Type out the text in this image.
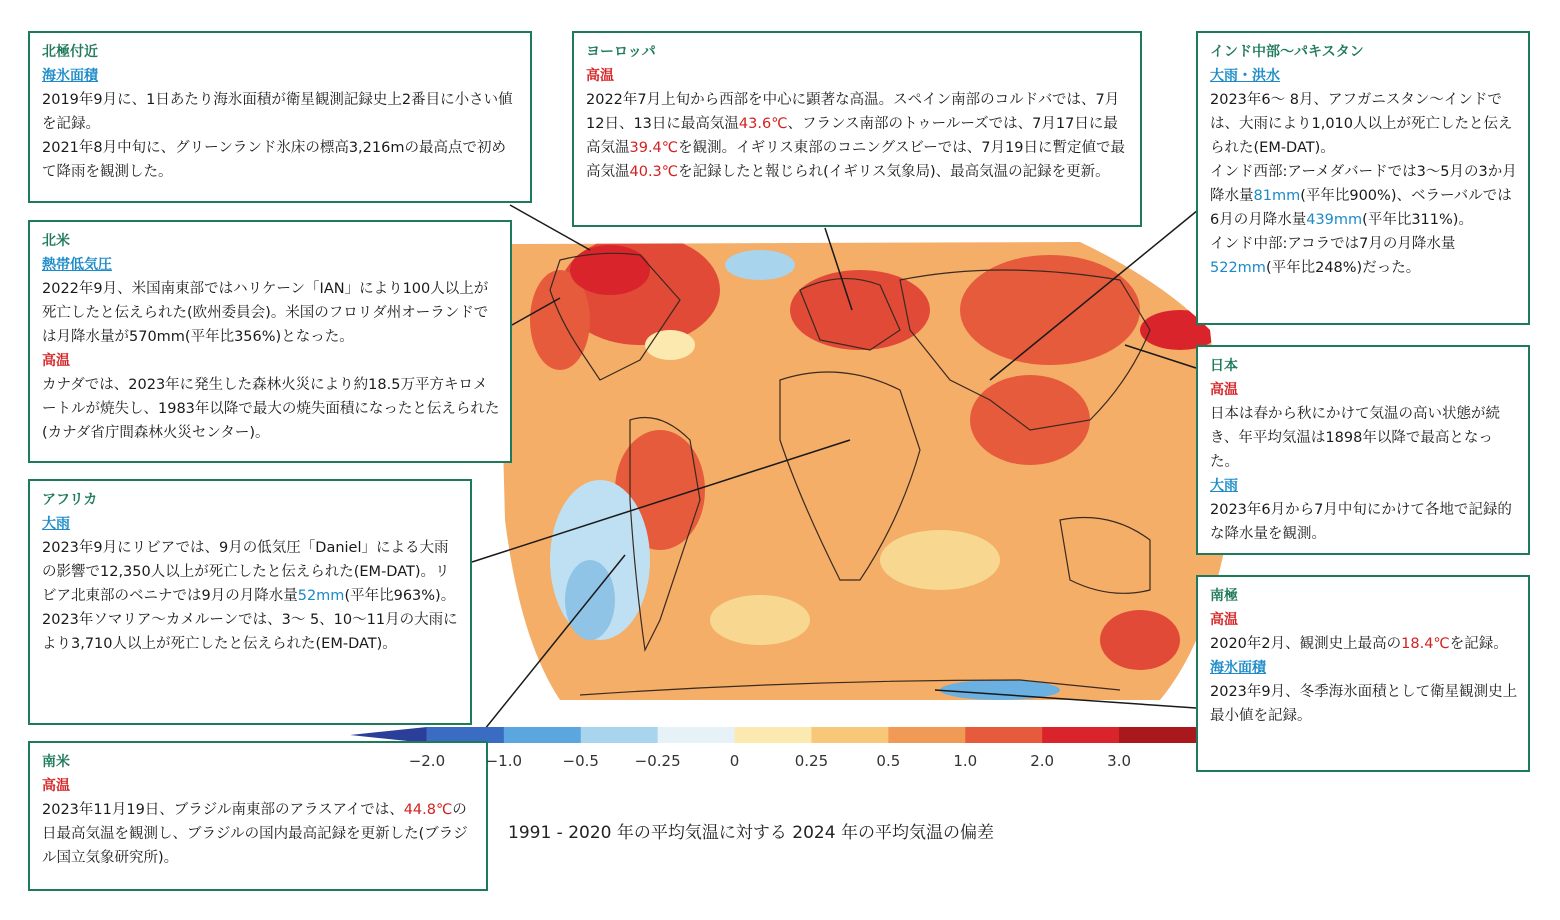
北極付近
海氷面積

2019年9月に、1日あたり海氷面積が衛星観測記録史上2番目に小さい値を記録。

2021年8月中旬に、グリーンランド氷床の標高3,216mの最高点で初めて降雨を観測した。

ヨーロッパ
高温

2022年7月上旬から西部を中心に顕著な高温。スペイン南部のコルドバでは、7月12日、13日に最高気温43.6℃、フランス南部のトゥールーズでは、7月17日に最高気温39.4℃を観測。イギリス東部のコニングスビーでは、7月19日に暫定値で最高気温40.3℃を記録したと報じられ(イギリス気象局)、最高気温の記録を更新。

インド中部〜パキスタン
大雨・洪水

2023年6〜 8月、アフガニスタン〜インドでは、大雨により1,010人以上が死亡したと伝えられた(EM-DAT)。

インド西部:アーメダバードでは3〜5月の3か月降水量81mm(平年比900%)、ベラーバルでは6月の月降水量439mm(平年比311%)。

インド中部:アコラでは7月の月降水量522mm(平年比248%)だった。

北米
熱帯低気圧

2022年9月、米国南東部ではハリケーン「IAN」により100人以上が死亡したと伝えられた(欧州委員会)。米国のフロリダ州オーランドでは月降水量が570mm(平年比356%)となった。

高温

カナダでは、2023年に発生した森林火災により約18.5万平方キロメートルが焼失し、1983年以降で最大の焼失面積になったと伝えられた(カナダ省庁間森林火災センター)。

日本
高温

日本は春から秋にかけて気温の高い状態が続き、年平均気温は1898年以降で最高となった。

大雨

2023年6月から7月中旬にかけて各地で記録的な降水量を観測。

アフリカ
大雨

2023年9月にリビアでは、9月の低気圧「Daniel」による大雨の影響で12,350人以上が死亡したと伝えられた(EM-DAT)。リビア北東部のベニナでは9月の月降水量52mm(平年比963%)。

2023年ソマリア〜カメルーンでは、3〜 5、10〜11月の大雨により3,710人以上が死亡したと伝えられた(EM-DAT)。

南極
高温

2020年2月、観測史上最高の18.4℃を記録。

海氷面積

2023年9月、冬季海氷面積として衛星観測史上最小値を記録。

南米
高温

2023年11月19日、ブラジル南東部のアラスアイでは、44.8℃の日最高気温を観測し、ブラジルの国内最高記録を更新した(ブラジル国立気象研究所)。

−2.0	−1.0	−0.5 −0.25	0	0.25	0.5	1.0	2.0	3.0
1991 - 2020 年の平均気温に対する 2024 年の平均気温の偏差
